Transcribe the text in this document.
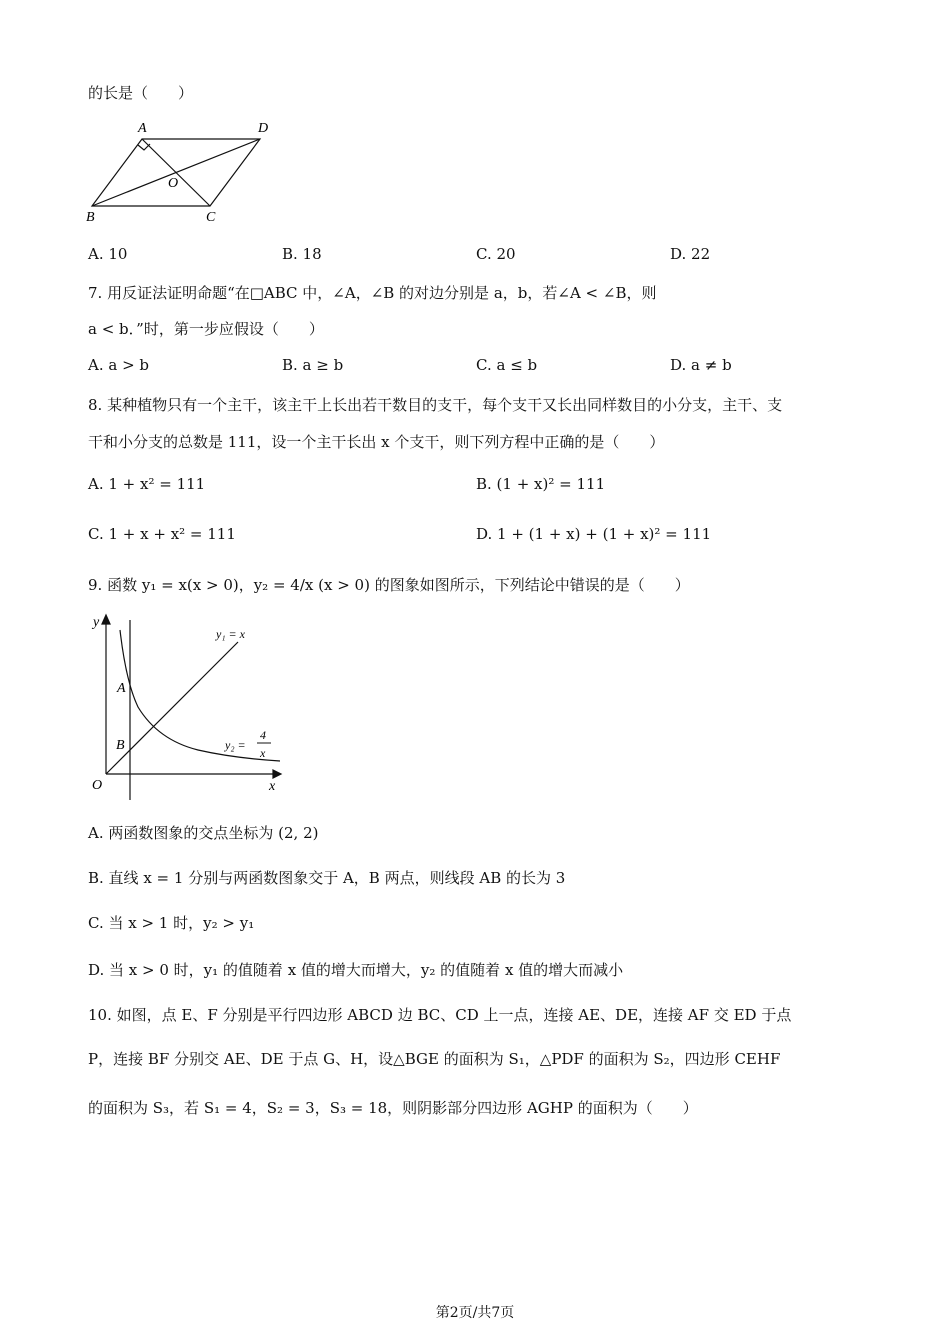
的长是（　　）
A	D
O
B	C
A. 10	B. 18	C. 20	D. 22
7. 用反证法证明命题“在□ABC 中，∠A，∠B 的对边分别是 a，b，若∠A < ∠B，则
a < b．”时，第一步应假设（　　）
A. a > b	B. a ≥ b	C. a ≤ b	D. a ≠ b
8. 某种植物只有一个主干，该主干上长出若干数目的支干，每个支干又长出同样数目的小分支，主干、支
干和小分支的总数是 111，设一个主干长出 x 个支干，则下列方程中正确的是（　　）
A. 1 + x² = 111	B. (1 + x)² = 111
C. 1 + x + x² = 111	D. 1 + (1 + x) + (1 + x)² = 111
9. 函数 y₁ = x(x > 0)，y₂ = 4/x (x > 0) 的图象如图所示，下列结论中错误的是（　　）
y
x
O
A
B
y₁ = x
y₂ =
4
x
A. 两函数图象的交点坐标为 (2, 2)
B. 直线 x = 1 分别与两函数图象交于 A，B 两点，则线段 AB 的长为 3
C. 当 x > 1 时，y₂ > y₁
D. 当 x > 0 时，y₁ 的值随着 x 值的增大而增大，y₂ 的值随着 x 值的增大而减小
10. 如图，点 E、F 分别是平行四边形 ABCD 边 BC、CD 上一点，连接 AE、DE，连接 AF 交 ED 于点
P，连接 BF 分别交 AE、DE 于点 G、H，设△BGE 的面积为 S₁，△PDF 的面积为 S₂，四边形 CEHF
的面积为 S₃，若 S₁ = 4，S₂ = 3，S₃ = 18，则阴影部分四边形 AGHP 的面积为（　　）
第2页/共7页
